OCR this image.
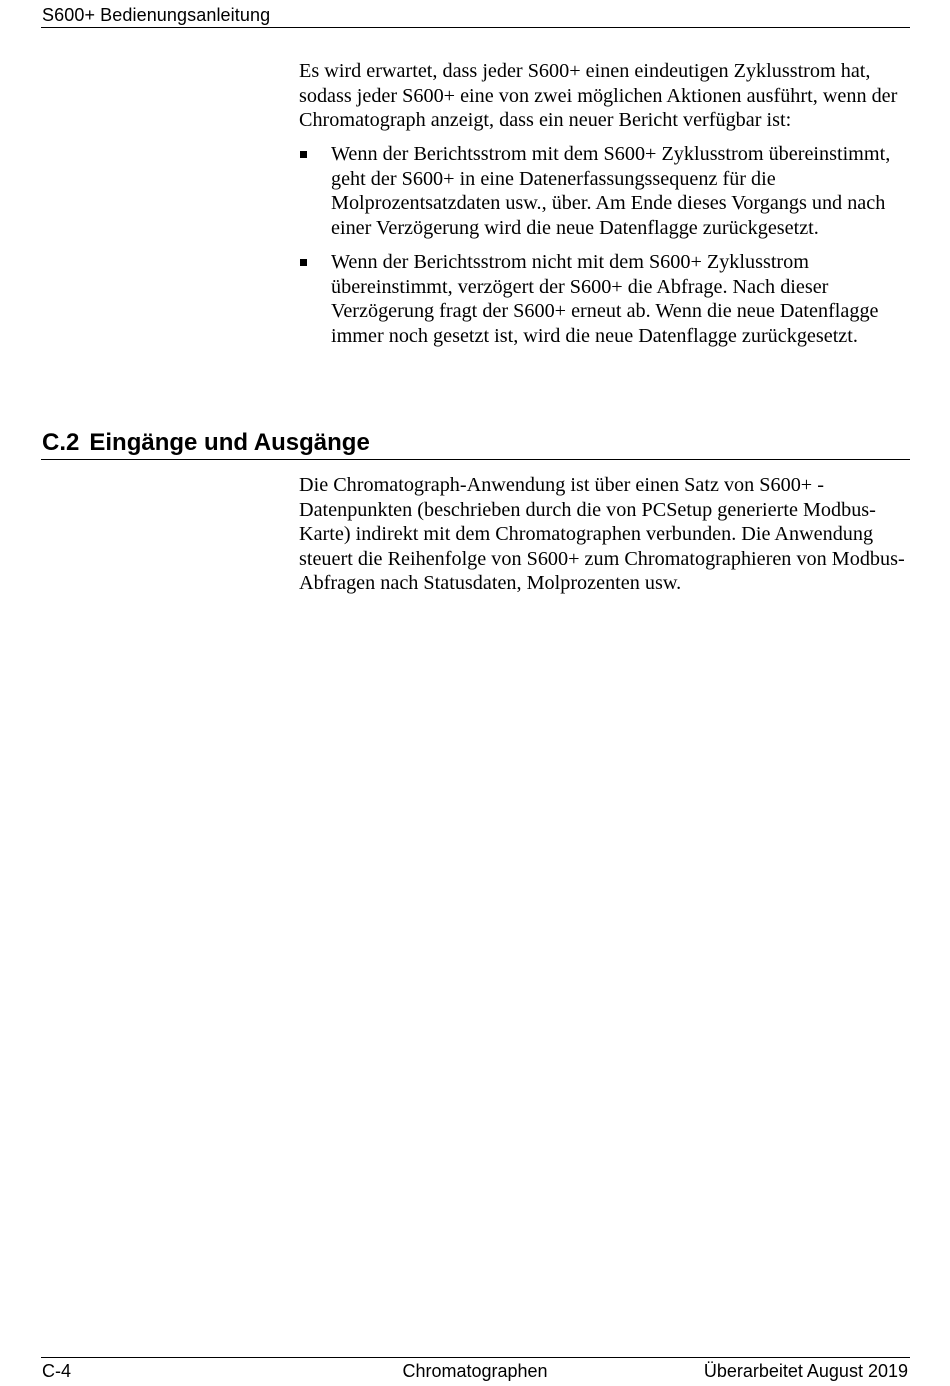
S600+ Bedienungsanleitung

Es wird erwartet, dass jeder S600+ einen eindeutigen Zyklusstrom hat, sodass jeder S600+ eine von zwei möglichen Aktionen ausführt, wenn der Chromatograph anzeigt, dass ein neuer Bericht verfügbar ist:

Wenn der Berichtsstrom mit dem S600+ Zyklusstrom übereinstimmt, geht der S600+ in eine Datenerfassungssequenz für die Molprozentsatzdaten usw., über. Am Ende dieses Vorgangs und nach einer Verzögerung wird die neue Datenflagge zurückgesetzt.
Wenn der Berichtsstrom nicht mit dem S600+ Zyklusstrom übereinstimmt, verzögert der S600+ die Abfrage. Nach dieser Verzögerung fragt der S600+ erneut ab. Wenn die neue Datenflagge immer noch gesetzt ist, wird die neue Datenflagge zurückgesetzt.
C.2 Eingänge und Ausgänge

Die Chromatograph-Anwendung ist über einen Satz von S600+ - Datenpunkten (beschrieben durch die von PCSetup generierte Modbus-Karte) indirekt mit dem Chromatographen verbunden. Die Anwendung steuert die Reihenfolge von S600+ zum Chromatographieren von Modbus-Abfragen nach Statusdaten, Molprozenten usw.

C-4	Chromatographen	Überarbeitet August 2019
